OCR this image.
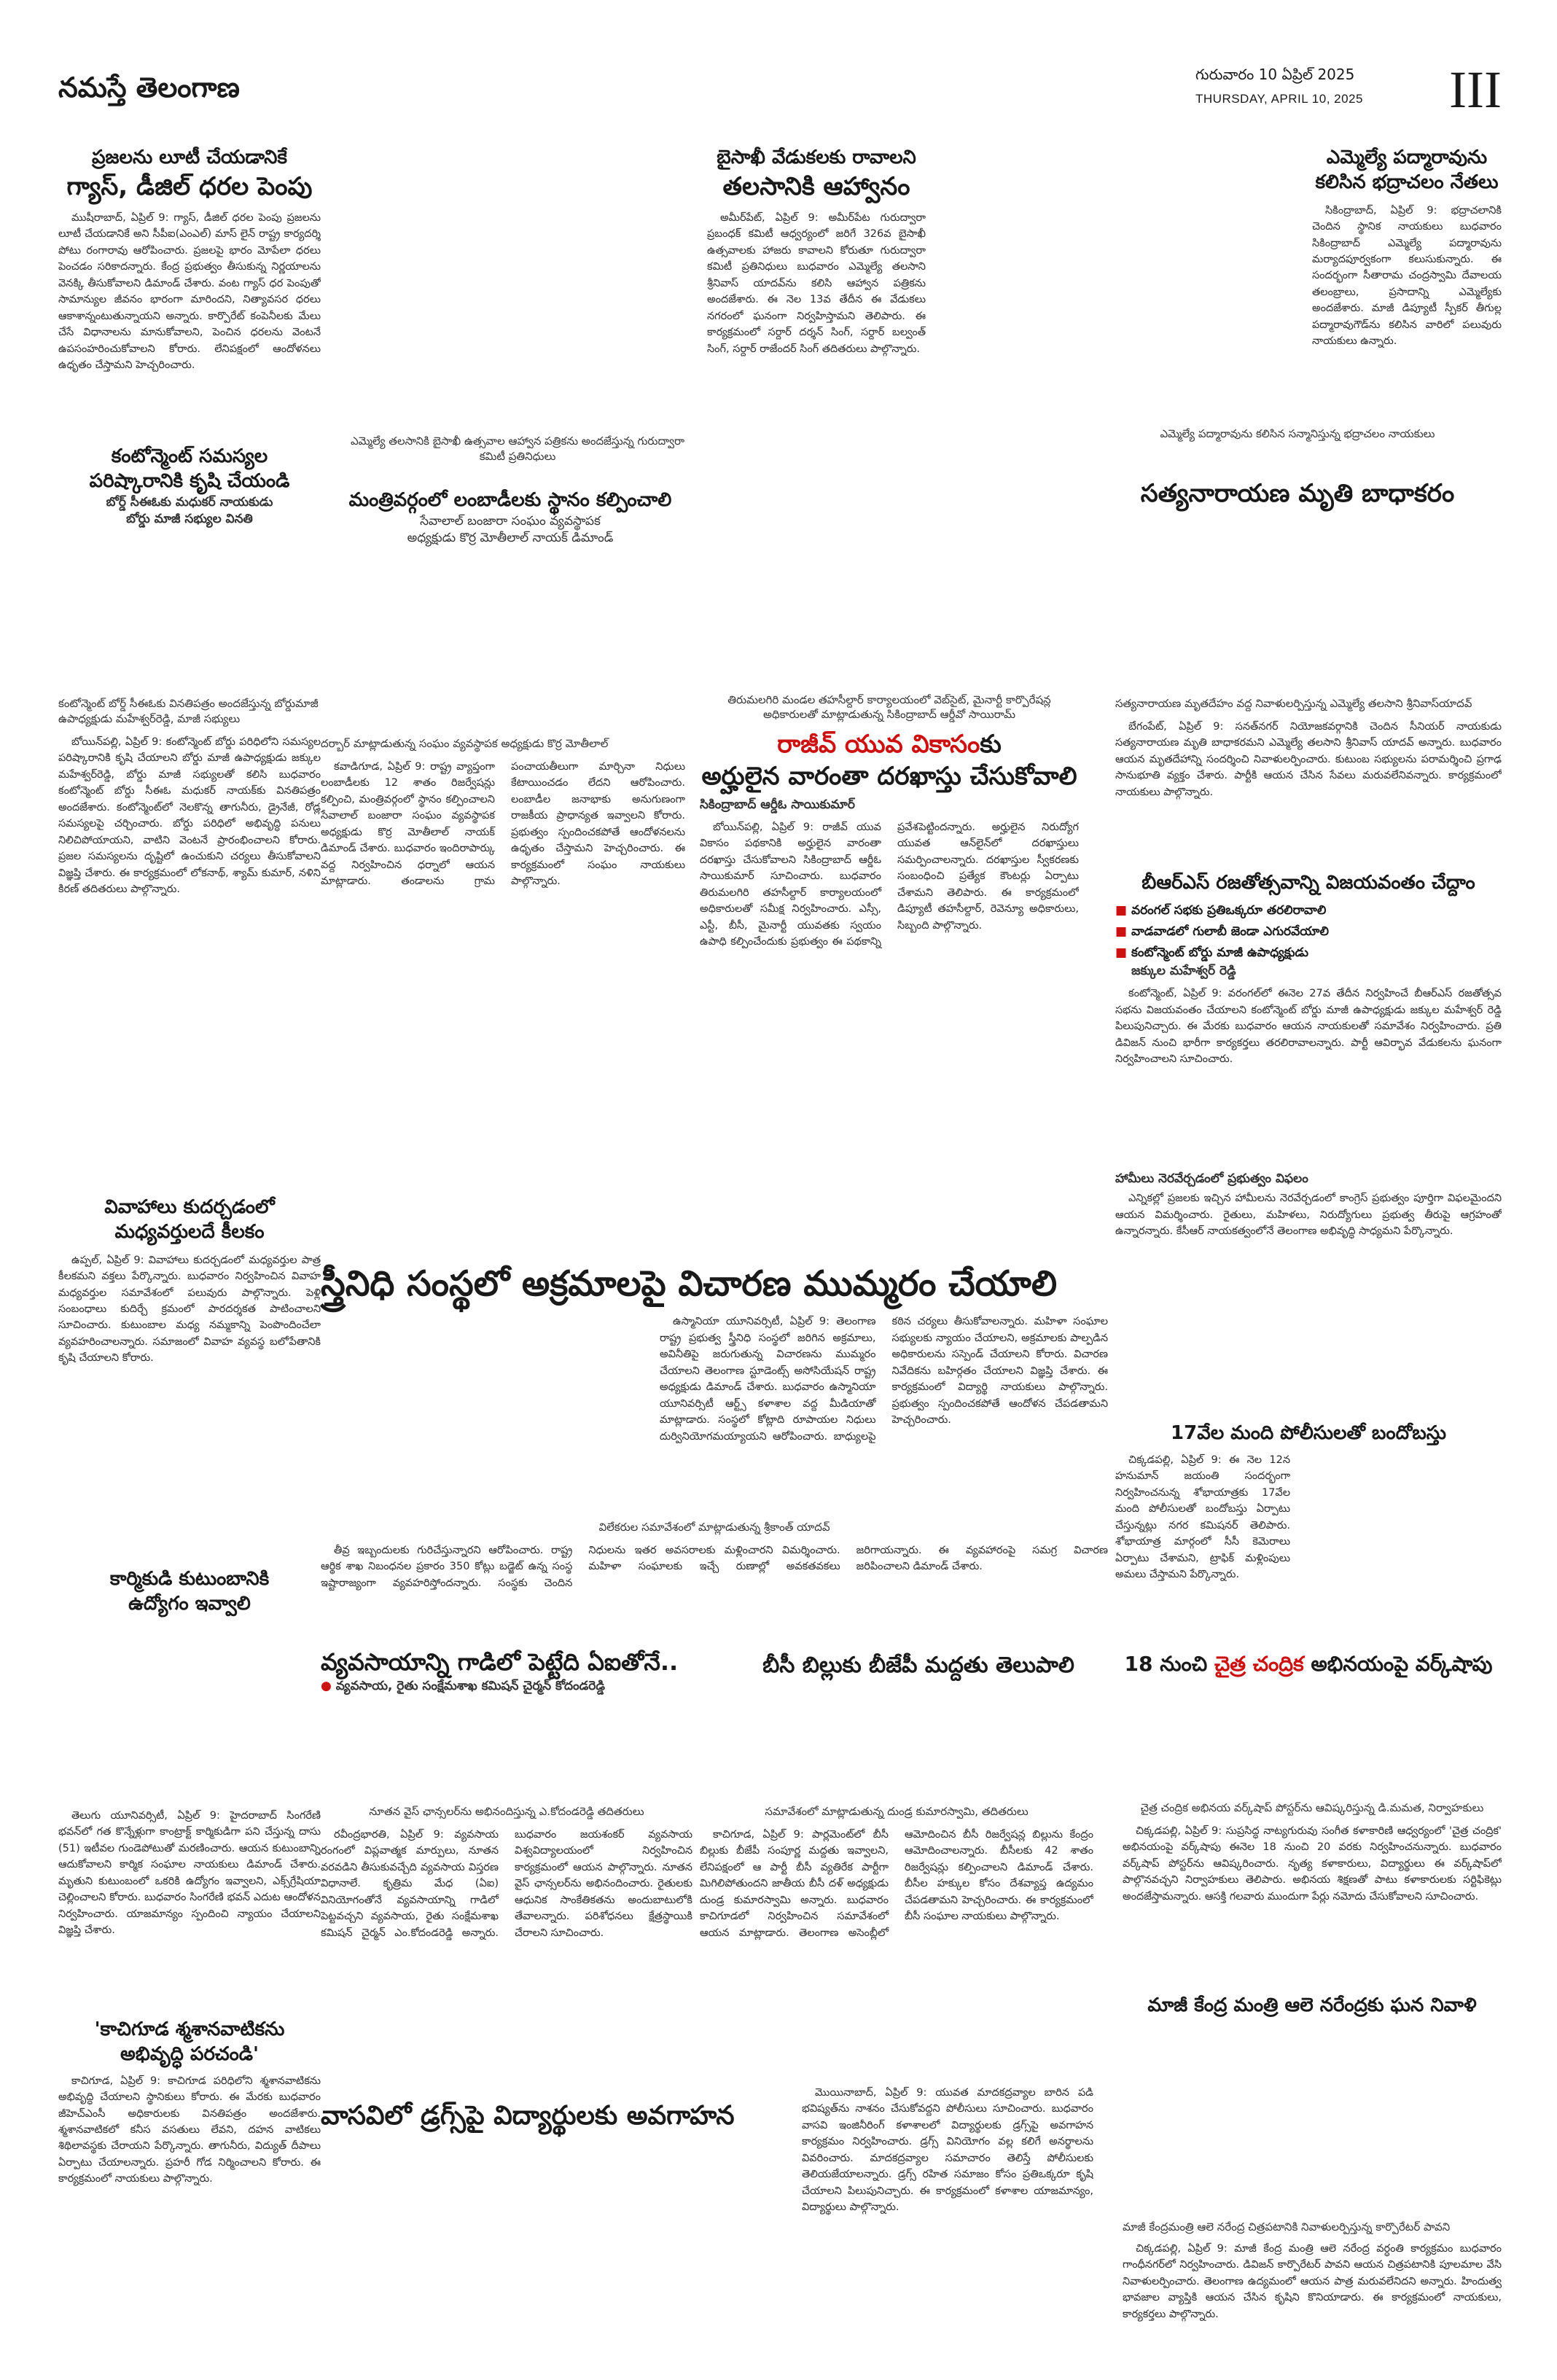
నమస్తే తెలంగాణ	గురువారం 10 ఏప్రిల్ 2025
THURSDAY, APRIL 10, 2025 III
ప్రజలను లూటీ చేయడానికే
గ్యాస్, డీజిల్ ధరల పెంపు

ముషీరాబాద్, ఏప్రిల్ 9: గ్యాస్, డీజిల్ ధరల పెంపు ప్రజలను లూటీ చేయడానికే అని సీపీఐ(ఎంఎల్) మాస్ లైన్ రాష్ట్ర కార్యదర్శి పోటు రంగారావు ఆరోపించారు. ప్రజలపై భారం మోపేలా ధరలు పెంచడం సరికాదన్నారు. కేంద్ర ప్రభుత్వం తీసుకున్న నిర్ణయాలను వెనక్కి తీసుకోవాలని డిమాండ్ చేశారు. వంట గ్యాస్ ధర పెంపుతో సామాన్యుల జీవనం భారంగా మారిందని, నిత్యావసర ధరలు ఆకాశాన్నంటుతున్నాయని అన్నారు. కార్పొరేట్ కంపెనీలకు మేలు చేసే విధానాలను మానుకోవాలని, పెంచిన ధరలను వెంటనే ఉపసంహరించుకోవాలని కోరారు. లేనిపక్షంలో ఆందోళనలు ఉధృతం చేస్తామని హెచ్చరించారు.

కంటోన్మెంట్ సమస్యల
పరిష్కారానికి కృషి చేయండి
బోర్డ్ సీఈఓకు మధుకర్ నాయకుడు
బోర్డు మాజీ సభ్యుల వినతి
బైసాఖీ వేడుకలకు రావాలని
తలసానికి ఆహ్వానం

అమీర్‌పేట్, ఏప్రిల్ 9: అమీర్‌పేట గురుద్వారా ప్రబంధక్ కమిటీ ఆధ్వర్యంలో జరిగే 326వ బైసాఖీ ఉత్సవాలకు హాజరు కావాలని కోరుతూ గురుద్వారా కమిటీ ప్రతినిధులు బుధవారం ఎమ్మెల్యే తలసాని శ్రీనివాస్ యాదవ్‌ను కలిసి ఆహ్వాన పత్రికను అందజేశారు. ఈ నెల 13వ తేదీన ఈ వేడుకలు నగరంలో ఘనంగా నిర్వహిస్తామని తెలిపారు. ఈ కార్యక్రమంలో సర్దార్ దర్శన్ సింగ్, సర్దార్ బల్వంత్ సింగ్, సర్దార్ రాజేందర్ సింగ్ తదితరులు పాల్గొన్నారు.

ఎమ్మెల్యే తలసానికి బైసాఖీ ఉత్సవాల ఆహ్వాన పత్రికను అందజేస్తున్న గురుద్వారా కమిటీ ప్రతినిధులు
మంత్రివర్గంలో లంబాడీలకు స్థానం కల్పించాలి
సేవాలాల్ బంజారా సంఘం వ్యవస్థాపక
అధ్యక్షుడు కొర్ర మోతీలాల్ నాయక్ డిమాండ్
ఎమ్మెల్యే పద్మారావును
కలిసిన భద్రాచలం నేతలు

సికింద్రాబాద్, ఏప్రిల్ 9: భద్రాచలానికి చెందిన స్థానిక నాయకులు బుధవారం సికింద్రాబాద్ ఎమ్మెల్యే పద్మారావును మర్యాదపూర్వకంగా కలుసుకున్నారు. ఈ సందర్భంగా సీతారామ చంద్రస్వామి దేవాలయ తలంబ్రాలు, ప్రసాదాన్ని ఎమ్మెల్యేకు అందజేశారు. మాజీ డిప్యూటీ స్పీకర్ తీగుల్ల పద్మారావుగౌడ్‌ను కలిసిన వారిలో పలువురు నాయకులు ఉన్నారు.

ఎమ్మెల్యే పద్మారావును కలిసిన సన్మానిస్తున్న భద్రాచలం నాయకులు
సత్యనారాయణ మృతి బాధాకరం
కంటోన్మెంట్ బోర్డ్ సీఈఓకు వినతిపత్రం అందజేస్తున్న బోర్డుమాజీ ఉపాధ్యక్షుడు మహేశ్వర్‌రెడ్డి, మాజీ సభ్యులు

బోయిన్‌పల్లి, ఏప్రిల్ 9: కంటోన్మెంట్ బోర్డు పరిధిలోని సమస్యల పరిష్కారానికి కృషి చేయాలని బోర్డు మాజీ ఉపాధ్యక్షుడు జక్కుల మహేశ్వర్‌రెడ్డి, బోర్డు మాజీ సభ్యులతో కలిసి బుధవారం కంటోన్మెంట్ బోర్డు సీఈఓ మధుకర్ నాయక్‌కు వినతిపత్రం అందజేశారు. కంటోన్మెంట్‌లో నెలకొన్న తాగునీరు, డ్రైనేజీ, రోడ్ల సమస్యలపై చర్చించారు. బోర్డు పరిధిలో అభివృద్ధి పనులు నిలిచిపోయాయని, వాటిని వెంటనే ప్రారంభించాలని కోరారు. ప్రజల సమస్యలను దృష్టిలో ఉంచుకుని చర్యలు తీసుకోవాలని విజ్ఞప్తి చేశారు. ఈ కార్యక్రమంలో లోకనాథ్, శ్యామ్ కుమార్, నళిని కిరణ్ తదితరులు పాల్గొన్నారు.

దర్బార్ మాట్లాడుతున్న సంఘం వ్యవస్థాపక అధ్యక్షుడు కొర్ర మోతీలాల్

కవాడిగూడ, ఏప్రిల్ 9: రాష్ట్ర వ్యాప్తంగా లంబాడీలకు 12 శాతం రిజర్వేషన్లు కల్పించి, మంత్రివర్గంలో స్థానం కల్పించాలని సేవాలాల్ బంజారా సంఘం వ్యవస్థాపక అధ్యక్షుడు కొర్ర మోతీలాల్ నాయక్ డిమాండ్ చేశారు. బుధవారం ఇందిరాపార్కు వద్ద నిర్వహించిన ధర్నాలో ఆయన మాట్లాడారు. తండాలను గ్రామ పంచాయతీలుగా మార్చినా నిధులు కేటాయించడం లేదని ఆరోపించారు. లంబాడీల జనాభాకు అనుగుణంగా రాజకీయ ప్రాధాన్యత ఇవ్వాలని కోరారు. ప్రభుత్వం స్పందించకపోతే ఆందోళనలను ఉధృతం చేస్తామని హెచ్చరించారు. ఈ కార్యక్రమంలో సంఘం నాయకులు పాల్గొన్నారు.

తిరుమలగిరి మండల తహసీల్దార్ కార్యాలయంలో వెబ్‌సైట్, మైనార్టీ కార్పొరేషన్ల అధికారులతో మాట్లాడుతున్న సికింద్రాబాద్ ఆర్డీవో సాయిరామ్
రాజీవ్ యువ వికాసంకు
అర్హులైన వారంతా దరఖాస్తు చేసుకోవాలి
సికింద్రాబాద్ ఆర్డీఓ సాయికుమార్

బోయిన్‌పల్లి, ఏప్రిల్ 9: రాజీవ్ యువ వికాసం పథకానికి అర్హులైన వారంతా దరఖాస్తు చేసుకోవాలని సికింద్రాబాద్ ఆర్డీఓ సాయికుమార్ సూచించారు. బుధవారం తిరుమలగిరి తహసీల్దార్ కార్యాలయంలో అధికారులతో సమీక్ష నిర్వహించారు. ఎస్సీ, ఎస్టీ, బీసీ, మైనార్టీ యువతకు స్వయం ఉపాధి కల్పించేందుకు ప్రభుత్వం ఈ పథకాన్ని ప్రవేశపెట్టిందన్నారు. అర్హులైన నిరుద్యోగ యువత ఆన్‌లైన్‌లో దరఖాస్తులు సమర్పించాలన్నారు. దరఖాస్తుల స్వీకరణకు సంబంధించి ప్రత్యేక కౌంటర్లు ఏర్పాటు చేశామని తెలిపారు. ఈ కార్యక్రమంలో డిప్యూటీ తహసీల్దార్, రెవెన్యూ అధికారులు, సిబ్బంది పాల్గొన్నారు.

సత్యనారాయణ మృతదేహం వద్ద నివాళులర్పిస్తున్న ఎమ్మెల్యే తలసాని శ్రీనివాస్‌యాదవ్

బేగంపేట్, ఏప్రిల్ 9: సనత్‌నగర్ నియోజకవర్గానికి చెందిన సీనియర్ నాయకుడు సత్యనారాయణ మృతి బాధాకరమని ఎమ్మెల్యే తలసాని శ్రీనివాస్ యాదవ్ అన్నారు. బుధవారం ఆయన మృతదేహాన్ని సందర్శించి నివాళులర్పించారు. కుటుంబ సభ్యులను పరామర్శించి ప్రగాఢ సానుభూతి వ్యక్తం చేశారు. పార్టీకి ఆయన చేసిన సేవలు మరువలేనివన్నారు. కార్యక్రమంలో నాయకులు పాల్గొన్నారు.

బీఆర్ఎస్ రజతోత్సవాన్ని విజయవంతం చేద్దాం
■ వరంగల్ సభకు ప్రతిఒక్కరూ తరలిరావాలి
■ వాడవాడలో గులాబీ జెండా ఎగురవేయాలి
■ కంటోన్మెంట్ బోర్డు మాజీ ఉపాధ్యక్షుడు
జక్కుల మహేశ్వర్ రెడ్డి

కంటోన్మెంట్, ఏప్రిల్ 9: వరంగల్‌లో ఈనెల 27వ తేదీన నిర్వహించే బీఆర్ఎస్ రజతోత్సవ సభను విజయవంతం చేయాలని కంటోన్మెంట్ బోర్డు మాజీ ఉపాధ్యక్షుడు జక్కుల మహేశ్వర్ రెడ్డి పిలుపునిచ్చారు. ఈ మేరకు బుధవారం ఆయన నాయకులతో సమావేశం నిర్వహించారు. ప్రతి డివిజన్ నుంచి భారీగా కార్యకర్తలు తరలిరావాలన్నారు. పార్టీ ఆవిర్భావ వేడుకలను ఘనంగా నిర్వహించాలని సూచించారు.

హామీలు నెరవేర్చడంలో ప్రభుత్వం విఫలం

ఎన్నికల్లో ప్రజలకు ఇచ్చిన హామీలను నెరవేర్చడంలో కాంగ్రెస్ ప్రభుత్వం పూర్తిగా విఫలమైందని ఆయన విమర్శించారు. రైతులు, మహిళలు, నిరుద్యోగులు ప్రభుత్వ తీరుపై ఆగ్రహంతో ఉన్నారన్నారు. కేసీఆర్ నాయకత్వంలోనే తెలంగాణ అభివృద్ధి సాధ్యమని పేర్కొన్నారు.

వివాహాలు కుదర్చడంలో
మధ్యవర్తులదే కీలకం

ఉప్పల్, ఏప్రిల్ 9: వివాహాలు కుదర్చడంలో మధ్యవర్తుల పాత్ర కీలకమని వక్తలు పేర్కొన్నారు. బుధవారం నిర్వహించిన వివాహ మధ్యవర్తుల సమావేశంలో పలువురు పాల్గొన్నారు. పెళ్లి సంబంధాలు కుదిర్చే క్రమంలో పారదర్శకత పాటించాలని సూచించారు. కుటుంబాల మధ్య నమ్మకాన్ని పెంపొందించేలా వ్యవహరించాలన్నారు. సమాజంలో వివాహ వ్యవస్థ బలోపేతానికి కృషి చేయాలని కోరారు.

స్త్రీనిధి సంస్థలో అక్రమాలపై విచారణ ముమ్మరం చేయాలి

ఉస్మానియా యూనివర్సిటీ, ఏప్రిల్ 9: తెలంగాణ రాష్ట్ర ప్రభుత్వ స్త్రీనిధి సంస్థలో జరిగిన అక్రమాలు, అవినీతిపై జరుగుతున్న విచారణను ముమ్మరం చేయాలని తెలంగాణ స్టూడెంట్స్ అసోసియేషన్ రాష్ట్ర అధ్యక్షుడు డిమాండ్ చేశారు. బుధవారం ఉస్మానియా యూనివర్సిటీ ఆర్ట్స్ కళాశాల వద్ద మీడియాతో మాట్లాడారు. సంస్థలో కోట్లాది రూపాయల నిధులు దుర్వినియోగమయ్యాయని ఆరోపించారు. బాధ్యులపై కఠిన చర్యలు తీసుకోవాలన్నారు. మహిళా సంఘాల సభ్యులకు న్యాయం చేయాలని, అక్రమాలకు పాల్పడిన అధికారులను సస్పెండ్ చేయాలని కోరారు. విచారణ నివేదికను బహిర్గతం చేయాలని విజ్ఞప్తి చేశారు. ఈ కార్యక్రమంలో విద్యార్థి నాయకులు పాల్గొన్నారు. ప్రభుత్వం స్పందించకపోతే ఆందోళన చేపడతామని హెచ్చరించారు.

17వేల మంది పోలీసులతో బందోబస్తు

చిక్కడపల్లి, ఏప్రిల్ 9: ఈ నెల 12న హనుమాన్ జయంతి సందర్భంగా నిర్వహించనున్న శోభాయాత్రకు 17వేల మంది పోలీసులతో బందోబస్తు ఏర్పాటు చేస్తున్నట్లు నగర కమిషనర్ తెలిపారు. శోభాయాత్ర మార్గంలో సీసీ కెమెరాలు ఏర్పాటు చేశామని, ట్రాఫిక్ మళ్లింపులు అమలు చేస్తామని పేర్కొన్నారు.

విలేకరుల సమావేశంలో మాట్లాడుతున్న శ్రీకాంత్ యాదవ్

తీవ్ర ఇబ్బందులకు గురిచేస్తున్నారని ఆరోపించారు. రాష్ట్ర ఆర్థిక శాఖ నిబంధనల ప్రకారం 350 కోట్లు బడ్జెట్ ఉన్న సంస్థ ఇష్టారాజ్యంగా వ్యవహరిస్తోందన్నారు. సంస్థకు చెందిన నిధులను ఇతర అవసరాలకు మళ్లించారని విమర్శించారు. మహిళా సంఘాలకు ఇచ్చే రుణాల్లో అవకతవకలు జరిగాయన్నారు. ఈ వ్యవహారంపై సమగ్ర విచారణ జరిపించాలని డిమాండ్ చేశారు.

కార్మికుడి కుటుంబానికి
ఉద్యోగం ఇవ్వాలి
వ్యవసాయాన్ని గాడిలో పెట్టేది ఏఐతోనే..
● వ్యవసాయ, రైతు సంక్షేమశాఖ కమిషన్ చైర్మన్ కోదండరెడ్డి
బీసీ బిల్లుకు బీజేపీ మద్దతు తెలుపాలి	18 నుంచి చైత్ర చంద్రిక అభినయంపై వర్క్‌షాపు

తెలుగు యూనివర్సిటీ, ఏప్రిల్ 9: హైదరాబాద్ సింగరేణి భవన్‌లో గత కొన్నేళ్లుగా కాంట్రాక్ట్ కార్మికుడిగా పని చేస్తున్న దాసు (51) ఇటీవల గుండెపోటుతో మరణించారు. ఆయన కుటుంబాన్ని ఆదుకోవాలని కార్మిక సంఘాల నాయకులు డిమాండ్ చేశారు. మృతుని కుటుంబంలో ఒకరికి ఉద్యోగం ఇవ్వాలని, ఎక్స్‌గ్రేషియా చెల్లించాలని కోరారు. బుధవారం సింగరేణి భవన్ ఎదుట ఆందోళన నిర్వహించారు. యాజమాన్యం స్పందించి న్యాయం చేయాలని విజ్ఞప్తి చేశారు.

'కాచిగూడ శ్మశానవాటికను
అభివృద్ధి పరచండి'

కాచిగూడ, ఏప్రిల్ 9: కాచిగూడ పరిధిలోని శ్మశానవాటికను అభివృద్ధి చేయాలని స్థానికులు కోరారు. ఈ మేరకు బుధవారం జీహెచ్ఎంసీ అధికారులకు వినతిపత్రం అందజేశారు. శ్మశానవాటికలో కనీస వసతులు లేవని, దహన వాటికలు శిథిలావస్థకు చేరాయని పేర్కొన్నారు. తాగునీరు, విద్యుత్ దీపాలు ఏర్పాటు చేయాలన్నారు. ప్రహరీ గోడ నిర్మించాలని కోరారు. ఈ కార్యక్రమంలో నాయకులు పాల్గొన్నారు.

నూతన వైస్ ఛాన్సలర్‌ను అభినందిస్తున్న ఎ.కోదండరెడ్డి తదితరులు

రవీంద్రభారతి, ఏప్రిల్ 9: వ్యవసాయ రంగంలో విప్లవాత్మక మార్పులు, నూతన వరవడిని తీసుకువచ్చేది వ్యవసాయ విస్తరణ విధానాలే. కృత్రిమ మేధ (ఏఐ) వినియోగంతోనే వ్యవసాయాన్ని గాడిలో పెట్టవచ్చని వ్యవసాయ, రైతు సంక్షేమశాఖ కమిషన్ చైర్మన్ ఎం.కోదండరెడ్డి అన్నారు. బుధవారం జయశంకర్ వ్యవసాయ విశ్వవిద్యాలయంలో నిర్వహించిన కార్యక్రమంలో ఆయన పాల్గొన్నారు. నూతన వైస్ ఛాన్సలర్‌ను అభినందించారు. రైతులకు ఆధునిక సాంకేతికతను అందుబాటులోకి తేవాలన్నారు. పరిశోధనలు క్షేత్రస్థాయికి చేరాలని సూచించారు.

సమావేశంలో మాట్లాడుతున్న దుండ్ర కుమారస్వామి, తదితరులు

కాచిగూడ, ఏప్రిల్ 9: పార్లమెంట్‌లో బీసీ బిల్లుకు బీజేపీ సంపూర్ణ మద్దతు ఇవ్వాలని, లేనిపక్షంలో ఆ పార్టీ బీసీ వ్యతిరేక పార్టీగా మిగిలిపోతుందని జాతీయ బీసీ దళ్ అధ్యక్షుడు దుండ్ర కుమారస్వామి అన్నారు. బుధవారం కాచిగూడలో నిర్వహించిన సమావేశంలో ఆయన మాట్లాడారు. తెలంగాణ అసెంబ్లీలో ఆమోదించిన బీసీ రిజర్వేషన్ల బిల్లును కేంద్రం ఆమోదించాలన్నారు. బీసీలకు 42 శాతం రిజర్వేషన్లు కల్పించాలని డిమాండ్ చేశారు. బీసీల హక్కుల కోసం దేశవ్యాప్త ఉద్యమం చేపడతామని హెచ్చరించారు. ఈ కార్యక్రమంలో బీసీ సంఘాల నాయకులు పాల్గొన్నారు.

చైత్ర చంద్రిక అభినయ వర్క్‌షాప్ పోస్టర్‌ను ఆవిష్కరిస్తున్న డి.మమత, నిర్వాహకులు

చిక్కడపల్లి, ఏప్రిల్ 9: సుప్రసిద్ధ నాట్యగురువు సంగీత కళాకారిణి ఆధ్వర్యంలో 'చైత్ర చంద్రిక' అభినయంపై వర్క్‌షాపు ఈనెల 18 నుంచి 20 వరకు నిర్వహించనున్నారు. బుధవారం వర్క్‌షాప్ పోస్టర్‌ను ఆవిష్కరించారు. నృత్య కళాకారులు, విద్యార్థులు ఈ వర్క్‌షాప్‌లో పాల్గొనవచ్చని నిర్వాహకులు తెలిపారు. అభినయ శిక్షణతో పాటు కళాకారులకు సర్టిఫికెట్లు అందజేస్తామన్నారు. ఆసక్తి గలవారు ముందుగా పేర్లు నమోదు చేసుకోవాలని సూచించారు.

మాజీ కేంద్ర మంత్రి ఆలె నరేంద్రకు ఘన నివాళి
వాసవిలో డ్రగ్స్‌పై విద్యార్థులకు అవగాహన

మొయినాబాద్, ఏప్రిల్ 9: యువత మాదకద్రవ్యాల బారిన పడి భవిష్యత్‌ను నాశనం చేసుకోవద్దని పోలీసులు సూచించారు. బుధవారం వాసవి ఇంజినీరింగ్ కళాశాలలో విద్యార్థులకు డ్రగ్స్‌పై అవగాహన కార్యక్రమం నిర్వహించారు. డ్రగ్స్ వినియోగం వల్ల కలిగే అనర్థాలను వివరించారు. మాదకద్రవ్యాల సమాచారం తెలిస్తే పోలీసులకు తెలియజేయాలన్నారు. డ్రగ్స్ రహిత సమాజం కోసం ప్రతిఒక్కరూ కృషి చేయాలని పిలుపునిచ్చారు. ఈ కార్యక్రమంలో కళాశాల యాజమాన్యం, విద్యార్థులు పాల్గొన్నారు.

మాజీ కేంద్రమంత్రి ఆలె నరేంద్ర చిత్రపటానికి నివాళులర్పిస్తున్న కార్పొరేటర్ పావని

చిక్కడపల్లి, ఏప్రిల్ 9: మాజీ కేంద్ర మంత్రి ఆలె నరేంద్ర వర్ధంతి కార్యక్రమం బుధవారం గాంధీనగర్‌లో నిర్వహించారు. డివిజన్ కార్పొరేటర్ పావని ఆయన చిత్రపటానికి పూలమాల వేసి నివాళులర్పించారు. తెలంగాణ ఉద్యమంలో ఆయన పాత్ర మరువలేనిదని అన్నారు. హిందుత్వ భావజాల వ్యాప్తికి ఆయన చేసిన కృషిని కొనియాడారు. ఈ కార్యక్రమంలో నాయకులు, కార్యకర్తలు పాల్గొన్నారు.
